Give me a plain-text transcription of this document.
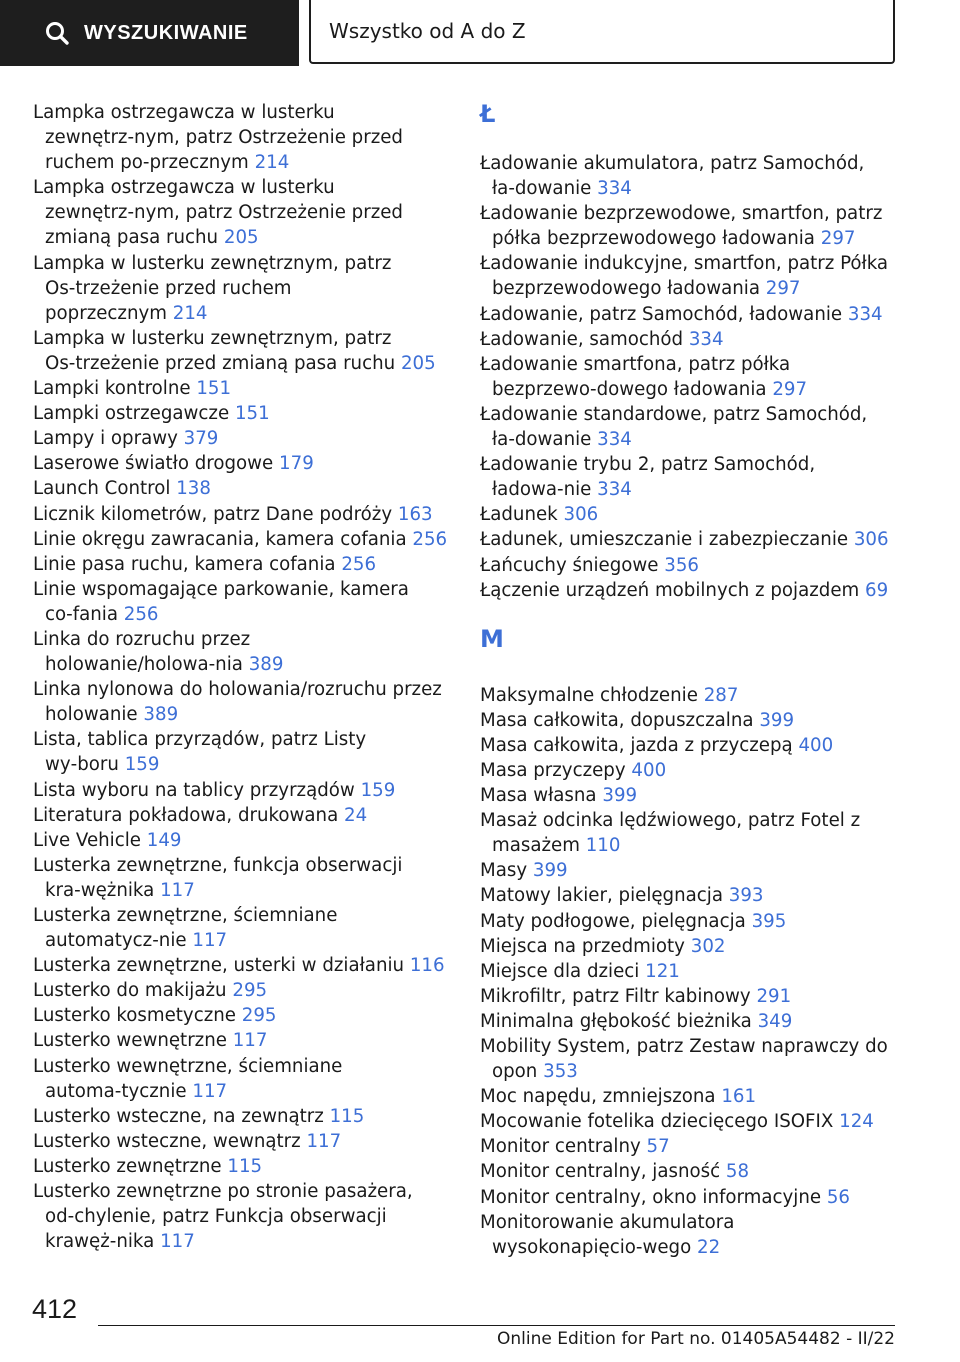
WYSZUKIWANIE	Wszystko od A do Z
Lampka ostrzegawcza w lusterku zewnętrz‑nym, patrz Ostrzeżenie przed ruchem po‑przecznym 214
Lampka ostrzegawcza w lusterku zewnętrz‑nym, patrz Ostrzeżenie przed zmianą pasa ruchu 205
Lampka w lusterku zewnętrznym, patrz Os‑trzeżenie przed ruchem poprzecznym 214
Lampka w lusterku zewnętrznym, patrz Os‑trzeżenie przed zmianą pasa ruchu 205
Lampki kontrolne 151
Lampki ostrzegawcze 151
Lampy i oprawy 379
Laserowe światło drogowe 179
Launch Control 138
Licznik kilometrów, patrz Dane podróży 163
Linie okręgu zawracania, kamera cofania 256
Linie pasa ruchu, kamera cofania 256
Linie wspomagające parkowanie, kamera co‑fania 256
Linka do rozruchu przez holowanie/holowa‑nia 389
Linka nylonowa do holowania/rozruchu przez holowanie 389
Lista, tablica przyrządów, patrz Listy wy‑boru 159
Lista wyboru na tablicy przyrządów 159
Literatura pokładowa, drukowana 24
Live Vehicle 149
Lusterka zewnętrzne, funkcja obserwacji kra‑wężnika 117
Lusterka zewnętrzne, ściemniane automatycz‑nie 117
Lusterka zewnętrzne, usterki w działaniu 116
Lusterko do makijażu 295
Lusterko kosmetyczne 295
Lusterko wewnętrzne 117
Lusterko wewnętrzne, ściemniane automa‑tycznie 117
Lusterko wsteczne, na zewnątrz 115
Lusterko wsteczne, wewnątrz 117
Lusterko zewnętrzne 115
Lusterko zewnętrzne po stronie pasażera, od‑chylenie, patrz Funkcja obserwacji krawęż‑nika 117
Ł
Ładowanie akumulatora, patrz Samochód, ła‑dowanie 334
Ładowanie bezprzewodowe, smartfon, patrz półka bezprzewodowego ładowania 297
Ładowanie indukcyjne, smartfon, patrz Półka bezprzewodowego ładowania 297
Ładowanie, patrz Samochód, ładowanie 334
Ładowanie, samochód 334
Ładowanie smartfona, patrz półka bezprzewo‑dowego ładowania 297
Ładowanie standardowe, patrz Samochód, ła‑dowanie 334
Ładowanie trybu 2, patrz Samochód, ładowa‑nie 334
Ładunek 306
Ładunek, umieszczanie i zabezpieczanie 306
Łańcuchy śniegowe 356
Łączenie urządzeń mobilnych z pojazdem 69
M
Maksymalne chłodzenie 287
Masa całkowita, dopuszczalna 399
Masa całkowita, jazda z przyczepą 400
Masa przyczepy 400
Masa własna 399
Masaż odcinka lędźwiowego, patrz Fotel z masażem 110
Masy 399
Matowy lakier, pielęgnacja 393
Maty podłogowe, pielęgnacja 395
Miejsca na przedmioty 302
Miejsce dla dzieci 121
Mikrofiltr, patrz Filtr kabinowy 291
Minimalna głębokość bieżnika 349
Mobility System, patrz Zestaw naprawczy do opon 353
Moc napędu, zmniejszona 161
Mocowanie fotelika dziecięcego ISOFIX 124
Monitor centralny 57
Monitor centralny, jasność 58
Monitor centralny, okno informacyjne 56
Monitorowanie akumulatora wysokonapięcio‑wego 22
412
Online Edition for Part no. 01405A54482 - II/22
